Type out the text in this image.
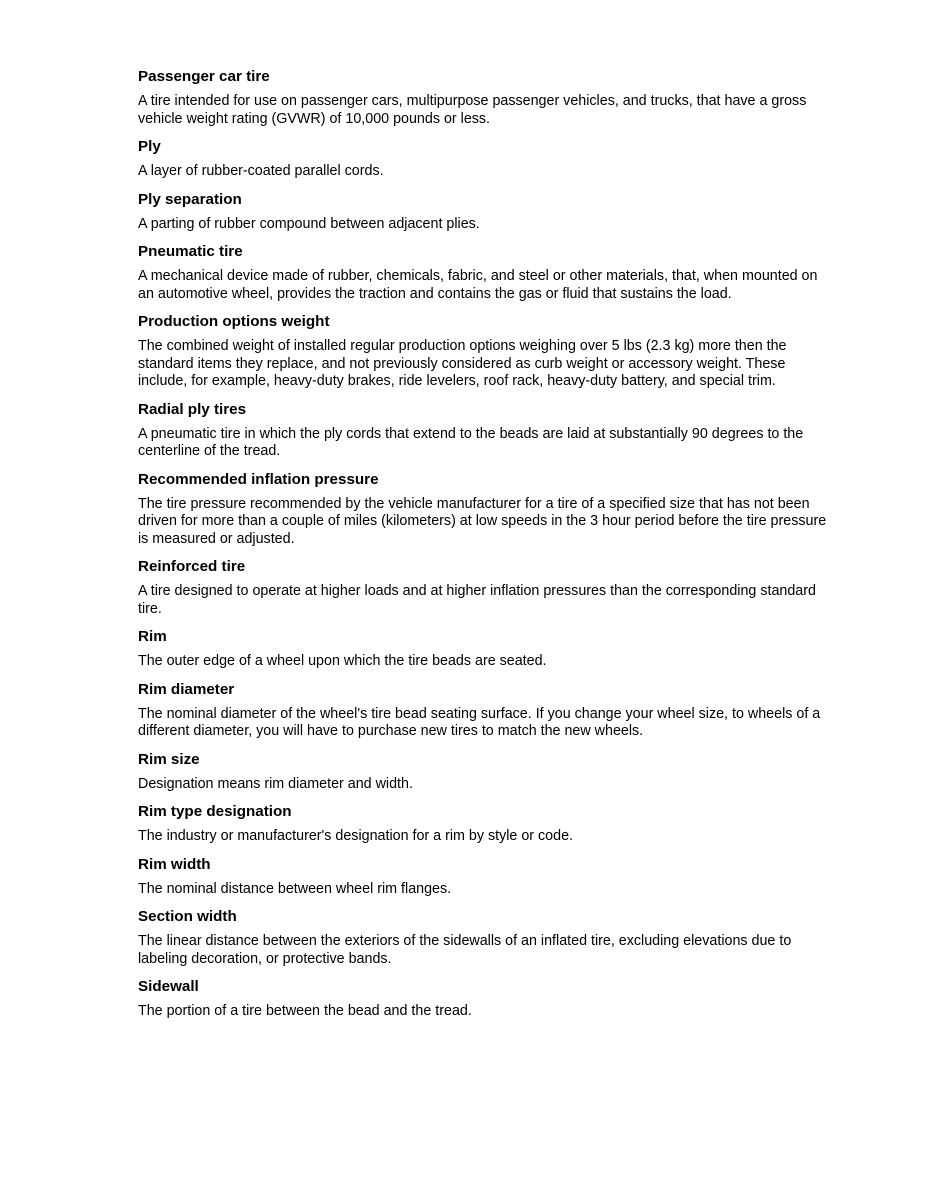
Passenger car tire

A tire intended for use on passenger cars, multipurpose passenger vehicles, and trucks, that have a gross vehicle weight rating (GVWR) of 10,000 pounds or less.

Ply

A layer of rubber-coated parallel cords.

Ply separation

A parting of rubber compound between adjacent plies.

Pneumatic tire

A mechanical device made of rubber, chemicals, fabric, and steel or other materials, that, when mounted on an automotive wheel, provides the traction and contains the gas or fluid that sustains the load.

Production options weight

The combined weight of installed regular production options weighing over 5 lbs (2.3 kg) more then the standard items they replace, and not previously considered as curb weight or accessory weight. These include, for example, heavy-duty brakes, ride levelers, roof rack, heavy-duty battery, and special trim.

Radial ply tires

A pneumatic tire in which the ply cords that extend to the beads are laid at substantially 90 degrees to the centerline of the tread.

Recommended inflation pressure

The tire pressure recommended by the vehicle manufacturer for a tire of a specified size that has not been driven for more than a couple of miles (kilometers) at low speeds in the 3 hour period before the tire pressure is measured or adjusted.

Reinforced tire

A tire designed to operate at higher loads and at higher inflation pressures than the corresponding standard tire.

Rim

The outer edge of a wheel upon which the tire beads are seated.

Rim diameter

The nominal diameter of the wheel's tire bead seating surface. If you change your wheel size, to wheels of a different diameter, you will have to purchase new tires to match the new wheels.

Rim size

Designation means rim diameter and width.

Rim type designation

The industry or manufacturer's designation for a rim by style or code.

Rim width

The nominal distance between wheel rim flanges.

Section width

The linear distance between the exteriors of the sidewalls of an inflated tire, excluding elevations due to labeling decoration, or protective bands.

Sidewall

The portion of a tire between the bead and the tread.
